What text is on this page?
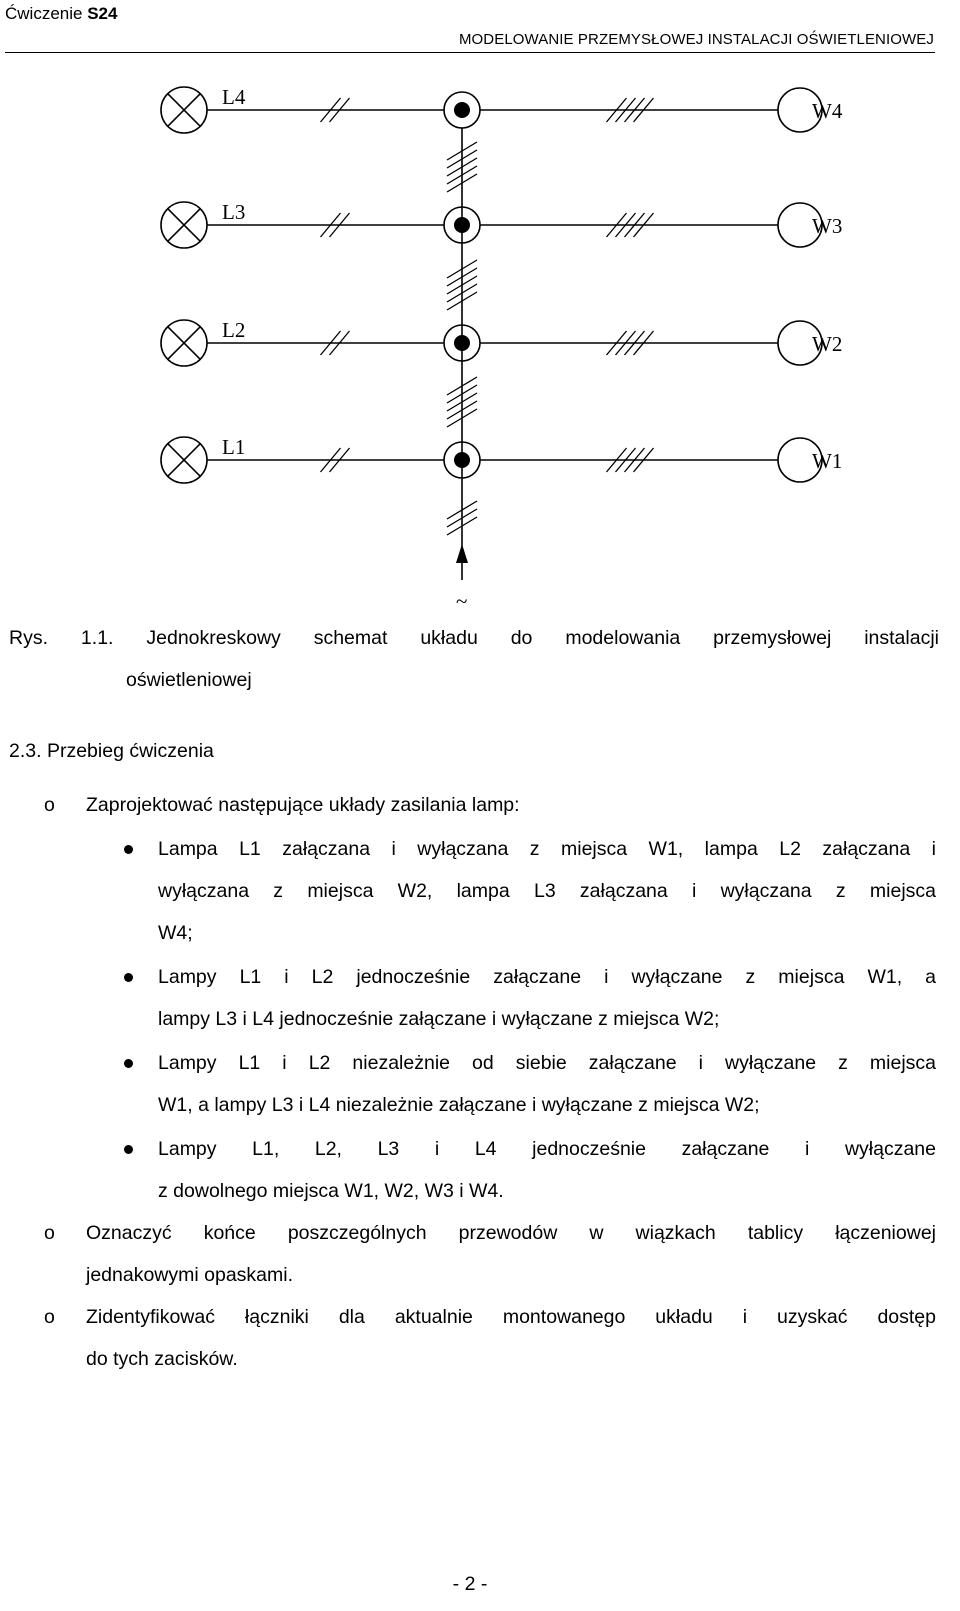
Ćwiczenie S24
MODELOWANIE PRZEMYSŁOWEJ INSTALACJI OŚWIETLENIOWEJ
L4
W4
L3
W3
L2
W2
L1
W1
~
Rys. 1.1. Jednokreskowy schemat układu do modelowania przemysłowej instalacji
oświetleniowej
2.3. Przebieg ćwiczenia
o Zaprojektować następujące układy zasilania lamp:
Lampa L1 załączana i wyłączana z miejsca W1, lampa L2 załączana i
wyłączana z miejsca W2, lampa L3 załączana i wyłączana z miejsca
W4;
Lampy L1 i L2 jednocześnie załączane i wyłączane z miejsca W1, a
lampy L3 i L4 jednocześnie załączane i wyłączane z miejsca W2;
Lampy L1 i L2 niezależnie od siebie załączane i wyłączane z miejsca
W1, a lampy L3 i L4 niezależnie załączane i wyłączane z miejsca W2;
Lampy L1, L2, L3 i L4 jednocześnie załączane i wyłączane
z dowolnego miejsca W1, W2, W3 i W4.
o Oznaczyć końce poszczególnych przewodów w wiązkach tablicy łączeniowej
jednakowymi opaskami.
o Zidentyfikować łączniki dla aktualnie montowanego układu i uzyskać dostęp
do tych zacisków.
- 2 -
